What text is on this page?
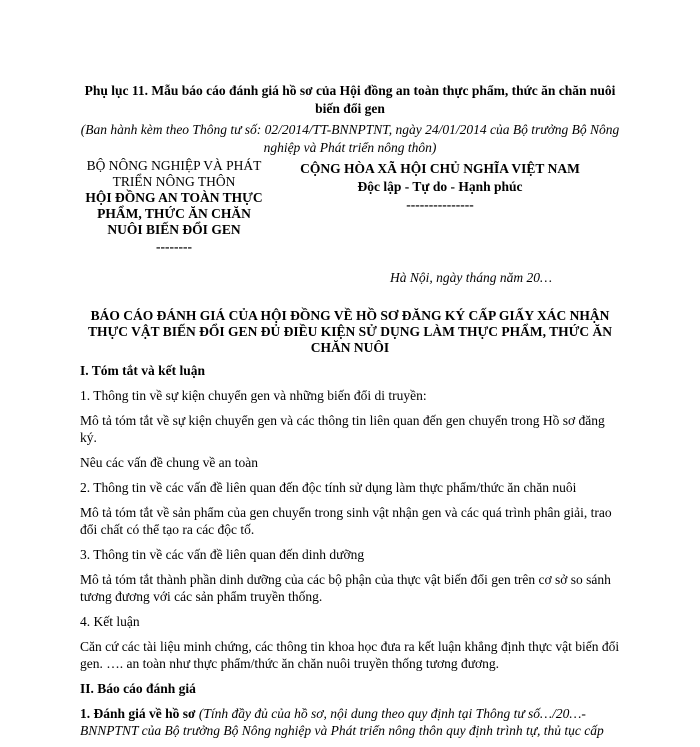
Phụ lục 11. Mẫu báo cáo đánh giá hồ sơ của Hội đồng an toàn thực phẩm, thức ăn chăn nuôi biến đổi gen
(Ban hành kèm theo Thông tư số: 02/2014/TT-BNNPTNT, ngày 24/01/2014 của Bộ trưởng Bộ Nông nghiệp và Phát triển nông thôn)
BỘ NÔNG NGHIỆP VÀ PHÁT TRIỂN NÔNG THÔN
HỘI ĐỒNG AN TOÀN THỰC PHẨM, THỨC ĂN CHĂN NUÔI BIẾN ĐỔI GEN
--------
CỘNG HÒA XÃ HỘI CHỦ NGHĨA VIỆT NAM
Độc lập - Tự do - Hạnh phúc
---------------
Hà Nội, ngày tháng năm 20…
BÁO CÁO ĐÁNH GIÁ CỦA HỘI ĐỒNG VỀ HỒ SƠ ĐĂNG KÝ CẤP GIẤY XÁC NHẬN THỰC VẬT BIẾN ĐỔI GEN ĐỦ ĐIỀU KIỆN SỬ DỤNG LÀM THỰC PHẨM, THỨC ĂN CHĂN NUÔI
I. Tóm tắt và kết luận

1. Thông tin về sự kiện chuyển gen và những biến đổi di truyền:

Mô tả tóm tắt về sự kiện chuyển gen và các thông tin liên quan đến gen chuyển trong Hồ sơ đăng ký.

Nêu các vấn đề chung về an toàn

2. Thông tin về các vấn đề liên quan đến độc tính sử dụng làm thực phẩm/thức ăn chăn nuôi

Mô tả tóm tắt về sản phẩm của gen chuyển trong sinh vật nhận gen và các quá trình phân giải, trao đổi chất có thể tạo ra các độc tố.

3. Thông tin về các vấn đề liên quan đến dinh dưỡng

Mô tả tóm tắt thành phần dinh dưỡng của các bộ phận của thực vật biến đổi gen trên cơ sở so sánh tương đương với các sản phẩm truyền thống.

4. Kết luận

Căn cứ các tài liệu minh chứng, các thông tin khoa học đưa ra kết luận khẳng định thực vật biến đổi gen. …. an toàn như thực phẩm/thức ăn chăn nuôi truyền thống tương đương.

II. Báo cáo đánh giá

1. Đánh giá về hồ sơ (Tính đầy đủ của hồ sơ, nội dung theo quy định tại Thông tư số…/20…-BNNPTNT của Bộ trưởng Bộ Nông nghiệp và Phát triển nông thôn quy định trình tự, thủ tục cấp
